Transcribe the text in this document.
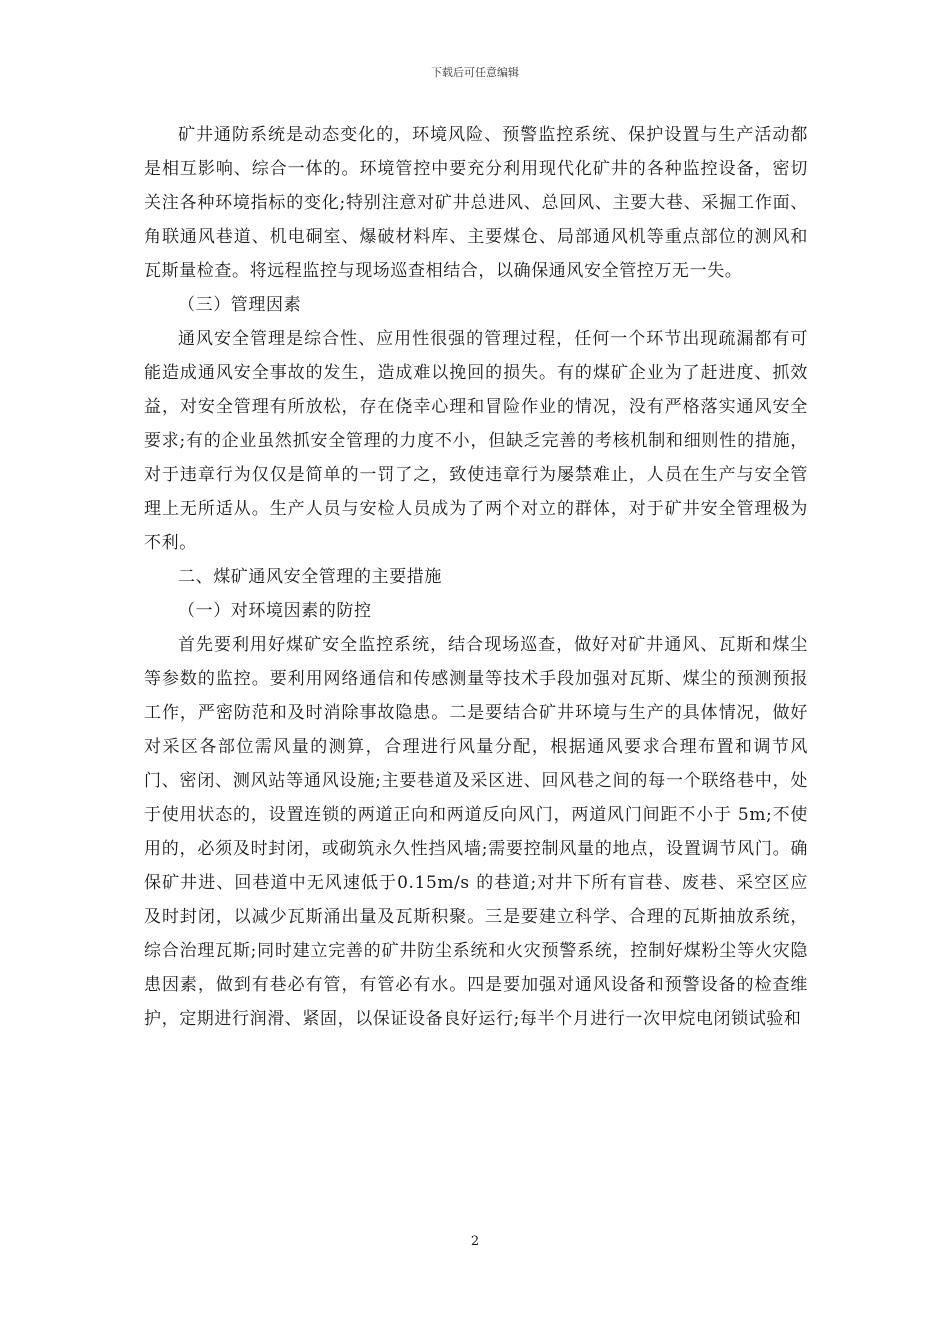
下载后可任意编辑

矿井通防系统是动态变化的，环境风险、预警监控系统、保护设置与生产活动都是相互影响、综合一体的。环境管控中要充分利用现代化矿井的各种监控设备，密切关注各种环境指标的变化;特别注意对矿井总进风、总回风、主要大巷、采掘工作面、角联通风巷道、机电硐室、爆破材料库、主要煤仓、局部通风机等重点部位的测风和瓦斯量检查。将远程监控与现场巡查相结合，以确保通风安全管控万无一失。

（三）管理因素

通风安全管理是综合性、应用性很强的管理过程，任何一个环节出现疏漏都有可能造成通风安全事故的发生，造成难以挽回的损失。有的煤矿企业为了赶进度、抓效益，对安全管理有所放松，存在侥幸心理和冒险作业的情况，没有严格落实通风安全要求;有的企业虽然抓安全管理的力度不小，但缺乏完善的考核机制和细则性的措施，对于违章行为仅仅是简单的一罚了之，致使违章行为屡禁难止，人员在生产与安全管理上无所适从。生产人员与安检人员成为了两个对立的群体，对于矿井安全管理极为不利。

二、煤矿通风安全管理的主要措施

（一）对环境因素的防控

首先要利用好煤矿安全监控系统，结合现场巡查，做好对矿井通风、瓦斯和煤尘等参数的监控。要利用网络通信和传感测量等技术手段加强对瓦斯、煤尘的预测预报工作，严密防范和及时消除事故隐患。二是要结合矿井环境与生产的具体情况，做好对采区各部位需风量的测算，合理进行风量分配，根据通风要求合理布置和调节风门、密闭、测风站等通风设施;主要巷道及采区进、回风巷之间的每一个联络巷中，处于使用状态的，设置连锁的两道正向和两道反向风门，两道风门间距不小于 5m;不使用的，必须及时封闭，或砌筑永久性挡风墙;需要控制风量的地点，设置调节风门。确保矿井进、回巷道中无风速低于0.15m/s 的巷道;对井下所有盲巷、废巷、采空区应及时封闭，以减少瓦斯涌出量及瓦斯积聚。三是要建立科学、合理的瓦斯抽放系统，综合治理瓦斯;同时建立完善的矿井防尘系统和火灾预警系统，控制好煤粉尘等火灾隐患因素，做到有巷必有管，有管必有水。四是要加强对通风设备和预警设备的检查维护，定期进行润滑、紧固，以保证设备良好运行;每半个月进行一次甲烷电闭锁试验和

2
